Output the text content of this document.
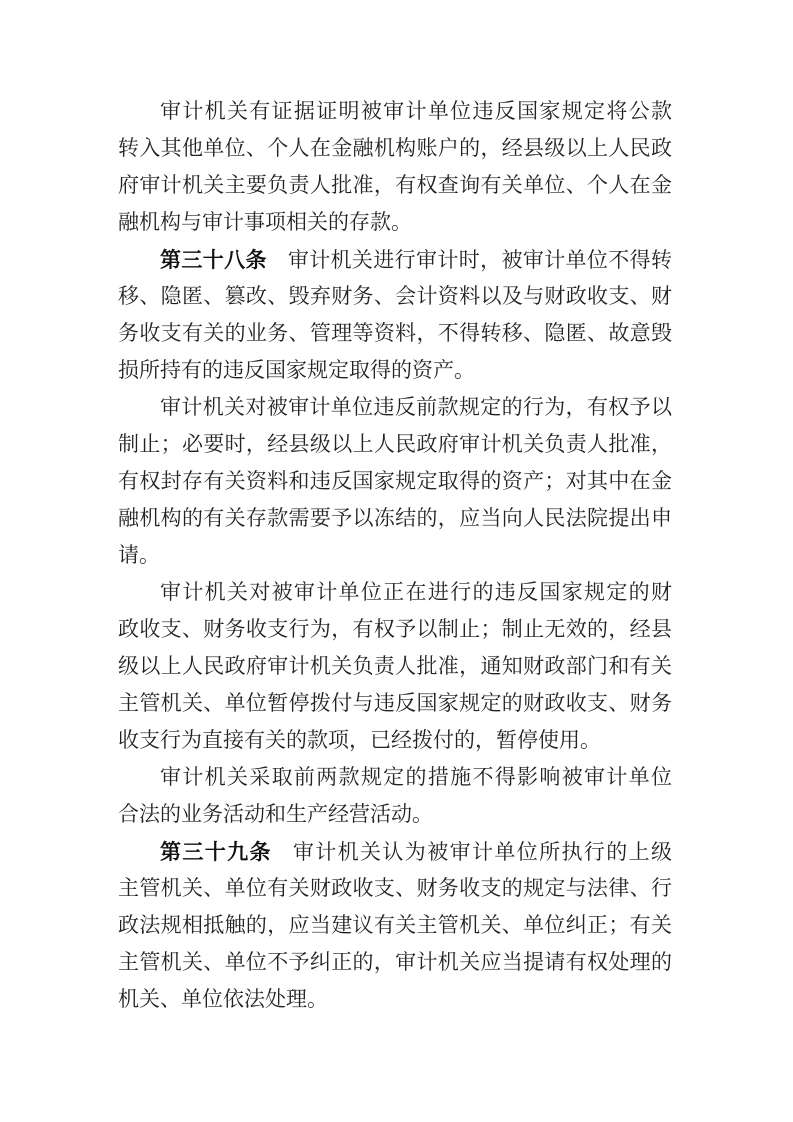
审计机关有证据证明被审计单位违反国家规定将公款
转入其他单位、个人在金融机构账户的，经县级以上人民政
府审计机关主要负责人批准，有权查询有关单位、个人在金
融机构与审计事项相关的存款。
第三十八条 审计机关进行审计时，被审计单位不得转
移、隐匿、篡改、毁弃财务、会计资料以及与财政收支、财
务收支有关的业务、管理等资料，不得转移、隐匿、故意毁
损所持有的违反国家规定取得的资产。
审计机关对被审计单位违反前款规定的行为，有权予以
制止；必要时，经县级以上人民政府审计机关负责人批准，
有权封存有关资料和违反国家规定取得的资产；对其中在金
融机构的有关存款需要予以冻结的，应当向人民法院提出申
请。
审计机关对被审计单位正在进行的违反国家规定的财
政收支、财务收支行为，有权予以制止；制止无效的，经县
级以上人民政府审计机关负责人批准，通知财政部门和有关
主管机关、单位暂停拨付与违反国家规定的财政收支、财务
收支行为直接有关的款项，已经拨付的，暂停使用。
审计机关采取前两款规定的措施不得影响被审计单位
合法的业务活动和生产经营活动。
第三十九条 审计机关认为被审计单位所执行的上级
主管机关、单位有关财政收支、财务收支的规定与法律、行
政法规相抵触的，应当建议有关主管机关、单位纠正；有关
主管机关、单位不予纠正的，审计机关应当提请有权处理的
机关、单位依法处理。
